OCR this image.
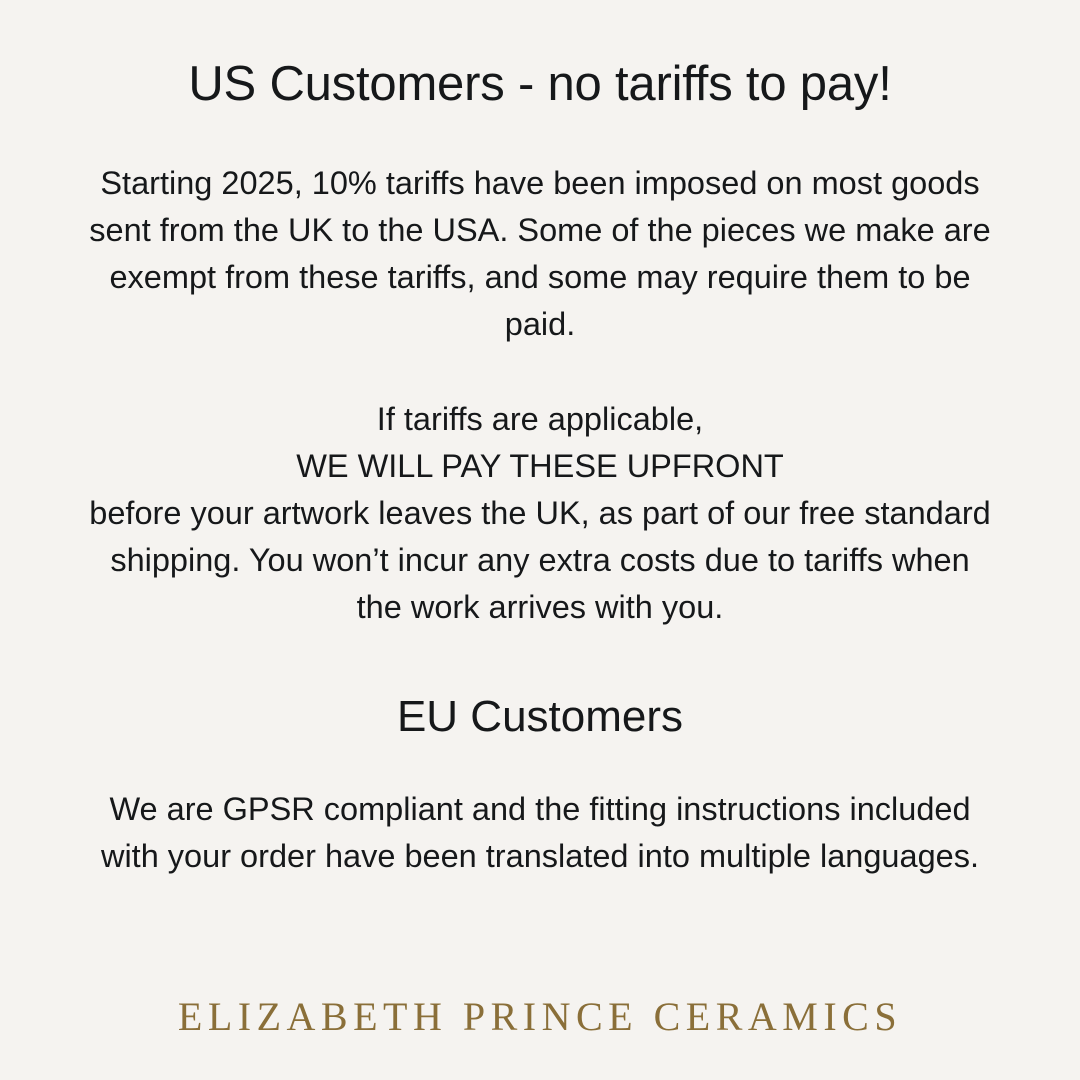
US Customers - no tariffs to pay!
Starting 2025, 10% tariffs have been imposed on most goods sent from the UK to the USA. Some of the pieces we make are exempt from these tariffs, and some may require them to be paid.
If tariffs are applicable,
WE WILL PAY THESE UPFRONT
before your artwork leaves the UK, as part of our free standard shipping. You won’t incur any extra costs due to tariffs when the work arrives with you.
EU Customers
We are GPSR compliant and the fitting instructions included with your order have been translated into multiple languages.
ELIZABETH PRINCE CERAMICS
